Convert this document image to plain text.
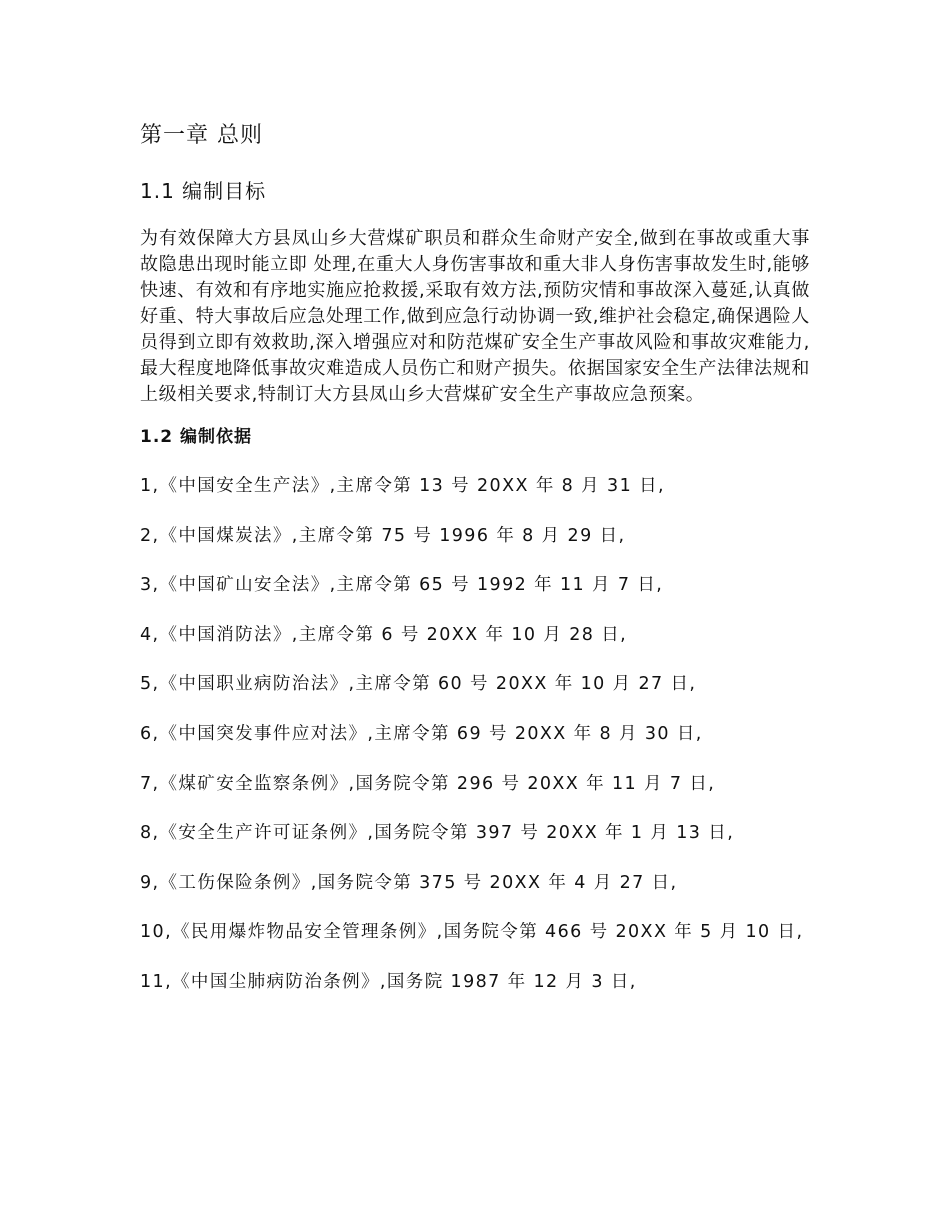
第一章 总则
1.1 编制目标

为有效保障大方县凤山乡大营煤矿职员和群众生命财产安全,做到在事故或重大事故隐患出现时能立即 处理,在重大人身伤害事故和重大非人身伤害事故发生时,能够快速、有效和有序地实施应抢救援,采取有效方法,预防灾情和事故深入蔓延,认真做好重、特大事故后应急处理工作,做到应急行动协调一致,维护社会稳定,确保遇险人员得到立即有效救助,深入增强应对和防范煤矿安全生产事故风险和事故灾难能力,最大程度地降低事故灾难造成人员伤亡和财产损失。依据国家安全生产法律法规和上级相关要求,特制订大方县凤山乡大营煤矿安全生产事故应急预案。

1.2 编制依据
1,《中国安全生产法》,主席令第 13 号 20XX 年 8 月 31 日,
2,《中国煤炭法》,主席令第 75 号 1996 年 8 月 29 日,
3,《中国矿山安全法》,主席令第 65 号 1992 年 11 月 7 日,
4,《中国消防法》,主席令第 6 号 20XX 年 10 月 28 日,
5,《中国职业病防治法》,主席令第 60 号 20XX 年 10 月 27 日,
6,《中国突发事件应对法》,主席令第 69 号 20XX 年 8 月 30 日,
7,《煤矿安全监察条例》,国务院令第 296 号 20XX 年 11 月 7 日,
8,《安全生产许可证条例》,国务院令第 397 号 20XX 年 1 月 13 日,
9,《工伤保险条例》,国务院令第 375 号 20XX 年 4 月 27 日,
10,《民用爆炸物品安全管理条例》,国务院令第 466 号 20XX 年 5 月 10 日,
11,《中国尘肺病防治条例》,国务院 1987 年 12 月 3 日,
